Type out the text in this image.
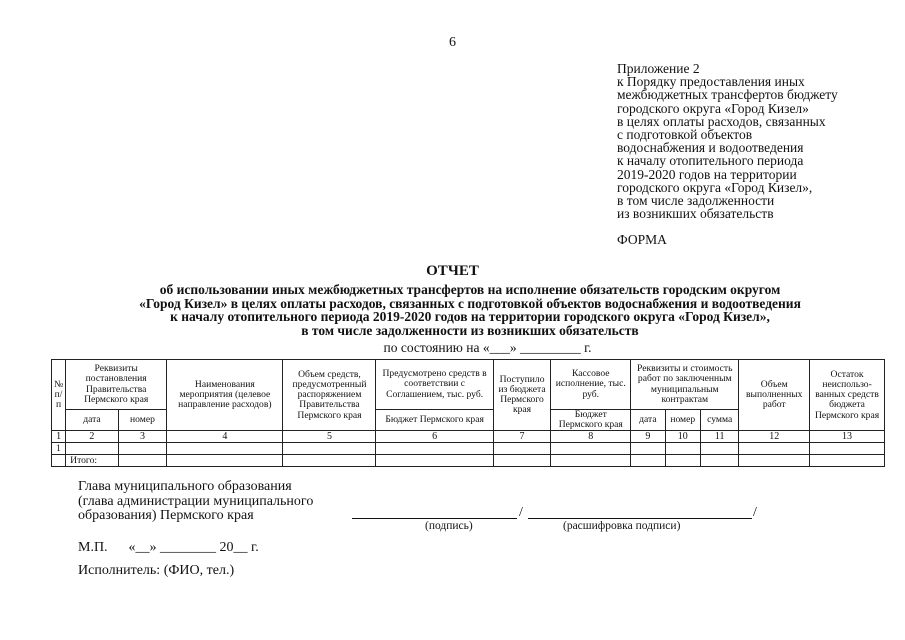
6
Приложение 2
к Порядку предоставления иных
межбюджетных трансфертов бюджету
городского округа «Город Кизел»
в целях оплаты расходов, связанных
с подготовкой объектов
водоснабжения и водоотведения
к началу отопительного периода
2019-2020 годов на территории
городского округа «Город Кизел»,
в том числе задолженности
из возникших обязательств
ФОРМА
ОТЧЕТ
об использовании иных межбюджетных трансфертов на исполнение обязательств городским округом
«Город Кизел» в целях оплаты расходов, связанных с подготовкой объектов водоснабжения и водоотведения
к началу отопительного периода 2019-2020 годов на территории городского округа «Город Кизел»,
в том числе задолженности из возникших обязательств
по состоянию на «___» _________ г.
№ п/п	Реквизиты постановления Правительства Пермского края		Наименования мероприятия (целевое направление расходов)	Объем средств, предусмотренный распоряжением Правительства Пермского края	Предусмотрено средств в соответствии с Соглашением, тыс. руб.	Поступило из бюджета Пермского края	Кассовое исполнение, тыс. руб.	Реквизиты и стоимость работ по заключенным муниципальным контрактам			Объем выполненных работ	Остаток неиспользо-ванных средств бюджета Пермского края
	дата	номер			Бюджет Пермского края		Бюджет Пермского края	дата	номер	сумма		
1	2	3	4	5	6	7	8	9	10	11	12	13
1												
	Итого:											
Глава муниципального образования
(глава администрации муниципального
образования) Пермского края	/	/
(подпись)	(расшифровка подписи)
М.П.      «__» ________ 20__ г.
Исполнитель: (ФИО, тел.)
